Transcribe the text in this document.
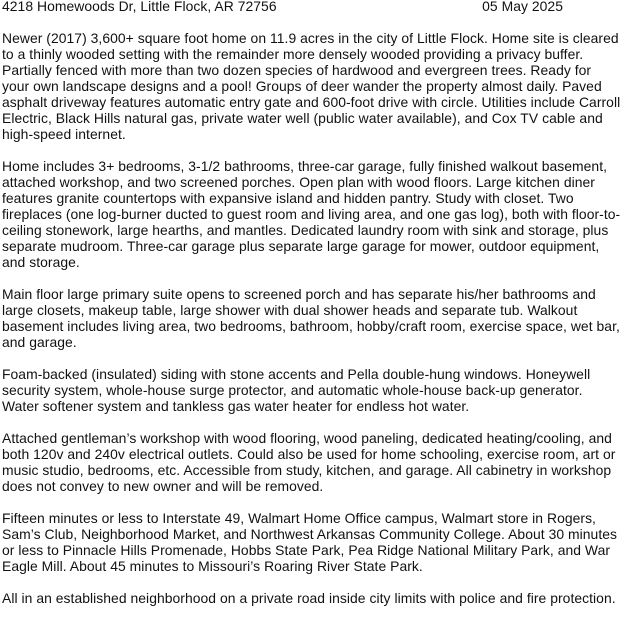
4218 Homewoods Dr, Little Flock, AR 72756	05 May 2025

Newer (2017) 3,600+ square foot home on 11.9 acres in the city of Little Flock. Home site is cleared to a thinly wooded setting with the remainder more densely wooded providing a privacy buffer. Partially fenced with more than two dozen species of hardwood and evergreen trees. Ready for your own landscape designs and a pool! Groups of deer wander the property almost daily. Paved asphalt driveway features automatic entry gate and 600-foot drive with circle. Utilities include Carroll Electric, Black Hills natural gas, private water well (public water available), and Cox TV cable and high-speed internet.

Home includes 3+ bedrooms, 3-1/2 bathrooms, three-car garage, fully finished walkout basement, attached workshop, and two screened porches. Open plan with wood floors. Large kitchen diner features granite countertops with expansive island and hidden pantry. Study with closet. Two fireplaces (one log-burner ducted to guest room and living area, and one gas log), both with floor-to-ceiling stonework, large hearths, and mantles. Dedicated laundry room with sink and storage, plus separate mudroom. Three-car garage plus separate large garage for mower, outdoor equipment, and storage.

Main floor large primary suite opens to screened porch and has separate his/her bathrooms and large closets, makeup table, large shower with dual shower heads and separate tub. Walkout basement includes living area, two bedrooms, bathroom, hobby/craft room, exercise space, wet bar, and garage.

Foam-backed (insulated) siding with stone accents and Pella double-hung windows. Honeywell security system, whole-house surge protector, and automatic whole-house back-up generator. Water softener system and tankless gas water heater for endless hot water.

Attached gentleman’s workshop with wood flooring, wood paneling, dedicated heating/cooling, and both 120v and 240v electrical outlets. Could also be used for home schooling, exercise room, art or music studio, bedrooms, etc. Accessible from study, kitchen, and garage. All cabinetry in workshop does not convey to new owner and will be removed.

Fifteen minutes or less to Interstate 49, Walmart Home Office campus, Walmart store in Rogers, Sam’s Club, Neighborhood Market, and Northwest Arkansas Community College. About 30 minutes or less to Pinnacle Hills Promenade, Hobbs State Park, Pea Ridge National Military Park, and War Eagle Mill. About 45 minutes to Missouri’s Roaring River State Park.

All in an established neighborhood on a private road inside city limits with police and fire protection.
